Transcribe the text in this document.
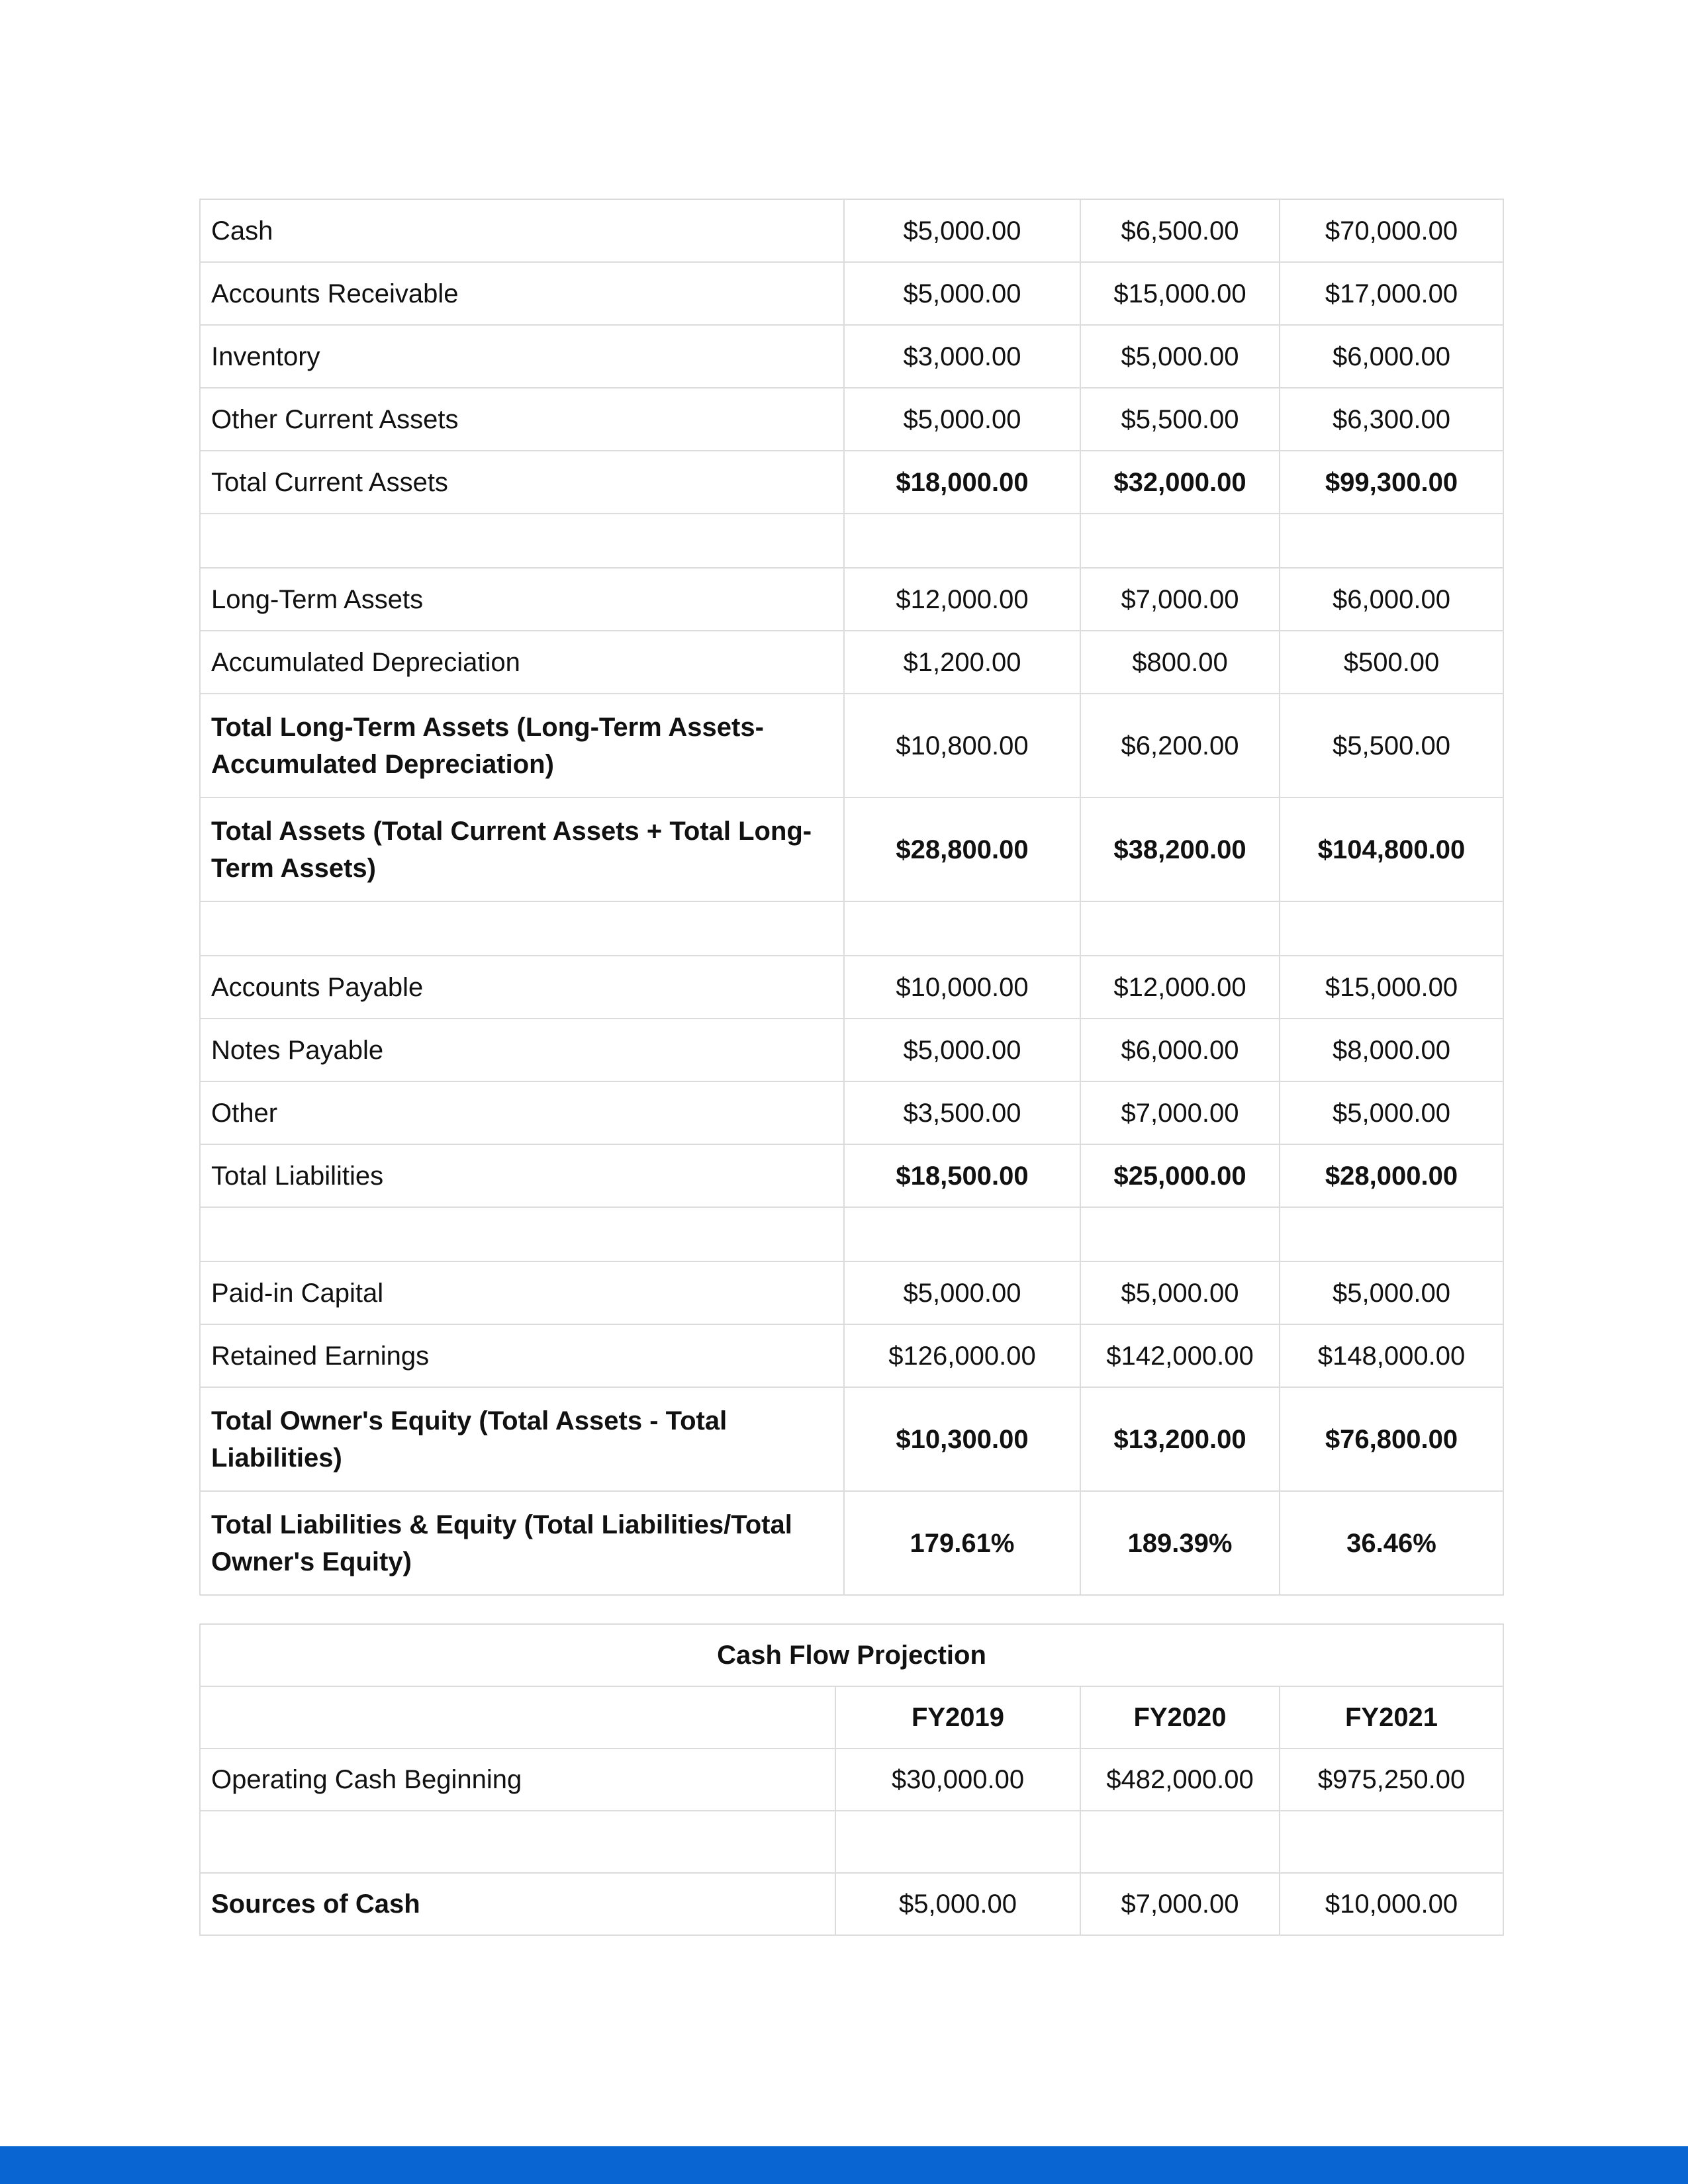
Cash	$5,000.00	$6,500.00	$70,000.00
Accounts Receivable	$5,000.00	$15,000.00	$17,000.00
Inventory	$3,000.00	$5,000.00	$6,000.00
Other Current Assets	$5,000.00	$5,500.00	$6,300.00
Total Current Assets	$18,000.00	$32,000.00	$99,300.00

Long-Term Assets	$12,000.00	$7,000.00	$6,000.00
Accumulated Depreciation	$1,200.00	$800.00	$500.00
Total Long-Term Assets (Long-Term Assets-Accumulated Depreciation)	$10,800.00	$6,200.00	$5,500.00
Total Assets (Total Current Assets + Total Long-Term Assets)	$28,800.00	$38,200.00	$104,800.00

Accounts Payable	$10,000.00	$12,000.00	$15,000.00
Notes Payable	$5,000.00	$6,000.00	$8,000.00
Other	$3,500.00	$7,000.00	$5,000.00
Total Liabilities	$18,500.00	$25,000.00	$28,000.00

Paid-in Capital	$5,000.00	$5,000.00	$5,000.00
Retained Earnings	$126,000.00	$142,000.00	$148,000.00
Total Owner's Equity (Total Assets - Total Liabilities)	$10,300.00	$13,200.00	$76,800.00
Total Liabilities & Equity (Total Liabilities/Total Owner's Equity)	179.61%	189.39%	36.46%
Cash Flow Projection			
	FY2019	FY2020	FY2021
Operating Cash Beginning	$30,000.00	$482,000.00	$975,250.00

Sources of Cash	$5,000.00	$7,000.00	$10,000.00
